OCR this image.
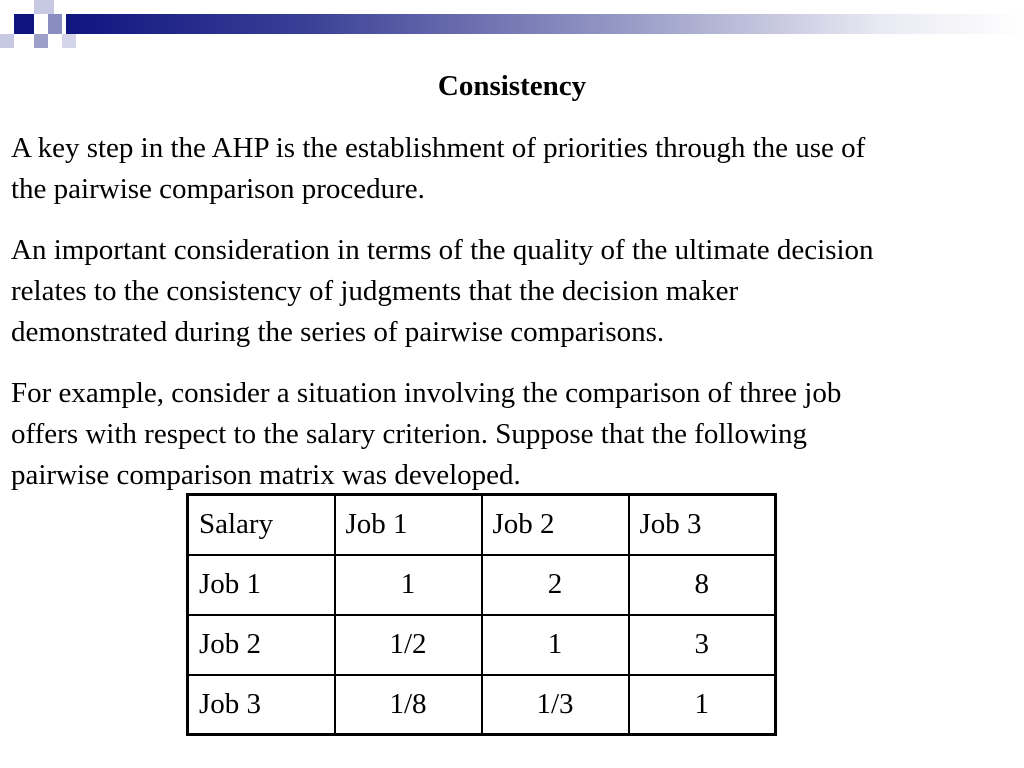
Consistency

A key step in the AHP is the establishment of priorities through the use of
the pairwise comparison procedure.

An important consideration in terms of the quality of the ultimate decision
relates to the consistency of judgments that the decision maker
demonstrated during the series of pairwise comparisons.

For example, consider a situation involving the comparison of three job
offers with respect to the salary criterion. Suppose that the following
pairwise comparison matrix was developed.

Salary	Job 1	Job 2	Job 3
Job 1	1	2	8
Job 2	1/2	1	3
Job 3	1/8	1/3	1
